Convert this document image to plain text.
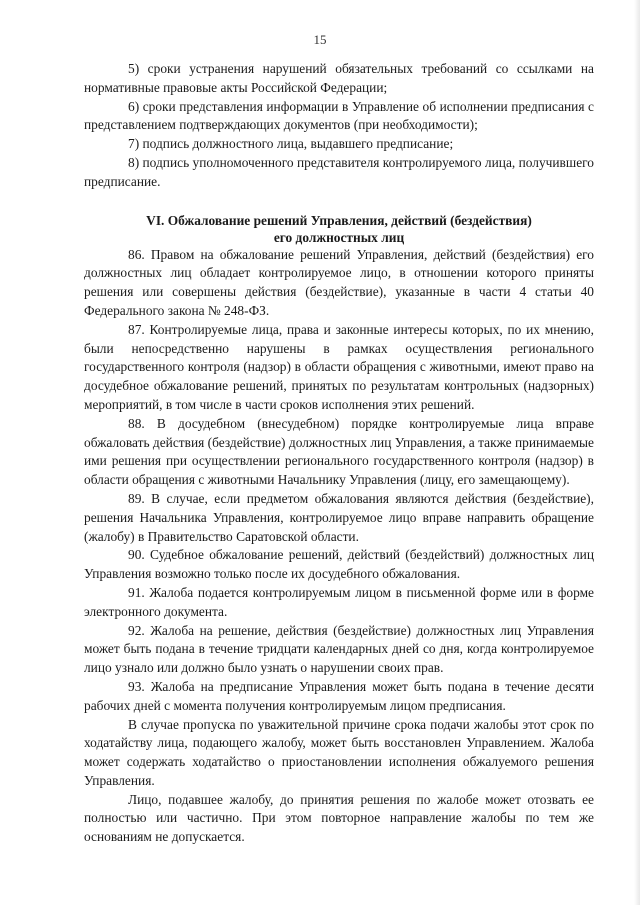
15

5) сроки устранения нарушений обязательных требований со ссылками на нормативные правовые акты Российской Федерации;

6) сроки представления информации в Управление об исполнении предписания с представлением подтверждающих документов (при необходимости);

7) подпись должностного лица, выдавшего предписание;

8) подпись уполномоченного представителя контролируемого лица, получившего предписание.

VI. Обжалование решений Управления, действий (бездействия)
его должностных лиц

86. Правом на обжалование решений Управления, действий (бездействия) его должностных лиц обладает контролируемое лицо, в отношении которого приняты решения или совершены действия (бездействие), указанные в части 4 статьи 40 Федерального закона № 248-ФЗ.

87. Контролируемые лица, права и законные интересы которых, по их мнению, были непосредственно нарушены в рамках осуществления регионального государственного контроля (надзор) в области обращения с животными, имеют право на досудебное обжалование решений, принятых по результатам контрольных (надзорных) мероприятий, в том числе в части сроков исполнения этих решений.

88. В досудебном (внесудебном) порядке контролируемые лица вправе обжаловать действия (бездействие) должностных лиц Управления, а также принимаемые ими решения при осуществлении регионального государственного контроля (надзор) в области обращения с животными Начальнику Управления (лицу, его замещающему).

89. В случае, если предметом обжалования являются действия (бездействие), решения Начальника Управления, контролируемое лицо вправе направить обращение (жалобу) в Правительство Саратовской области.

90. Судебное обжалование решений, действий (бездействий) должностных лиц Управления возможно только после их досудебного обжалования.

91. Жалоба подается контролируемым лицом в письменной форме или в форме электронного документа.

92. Жалоба на решение, действия (бездействие) должностных лиц Управления может быть подана в течение тридцати календарных дней со дня, когда контролируемое лицо узнало или должно было узнать о нарушении своих прав.

93. Жалоба на предписание Управления может быть подана в течение десяти рабочих дней с момента получения контролируемым лицом предписания.

В случае пропуска по уважительной причине срока подачи жалобы этот срок по ходатайству лица, подающего жалобу, может быть восстановлен Управлением. Жалоба может содержать ходатайство о приостановлении исполнения обжалуемого решения Управления.

Лицо, подавшее жалобу, до принятия решения по жалобе может отозвать ее полностью или частично. При этом повторное направление жалобы по тем же основаниям не допускается.
